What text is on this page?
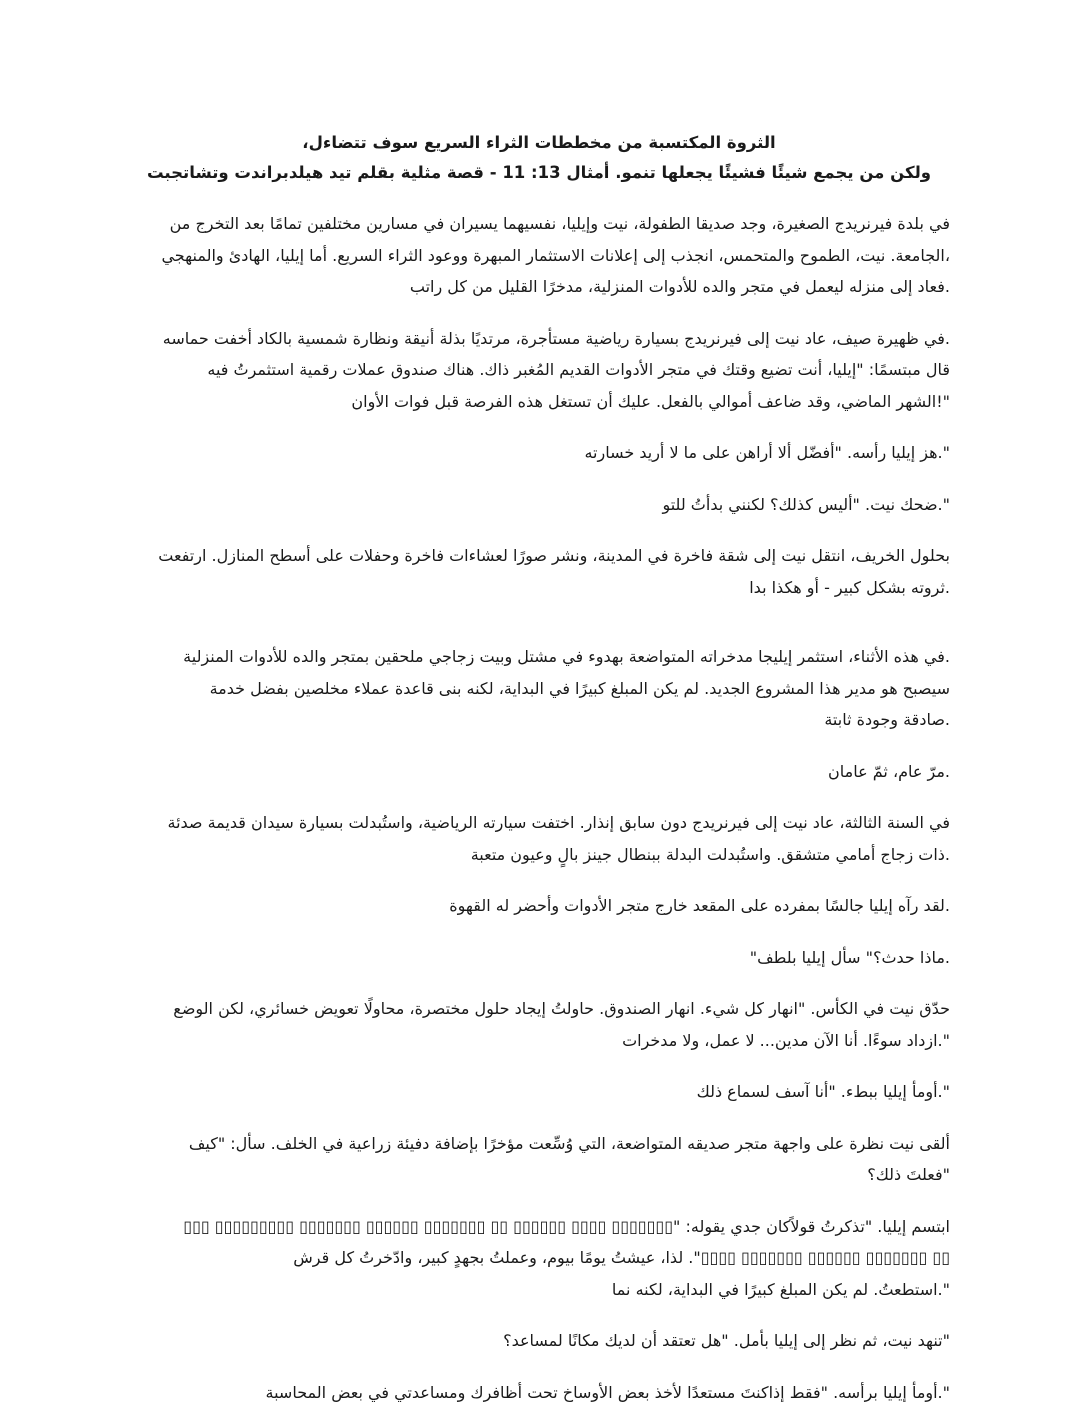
،الثروة المكتسبة من مخططات الثراء السريع سوف تتضاءل
ولكن من يجمع شيئًا فشيئًا يجعلها تنمو. أمثال 13: 11 - قصة مثلية بقلم تيد هيلدبراندت وتشاتجبت

في بلدة فيرنريدج الصغيرة، وجد صديقا الطفولة، نيت وإيليا، نفسيهما يسيران في مسارين مختلفين تمامًا بعد التخرج من
،الجامعة. نيت، الطموح والمتحمس، انجذب إلى إعلانات الاستثمار المبهرة ووعود الثراء السريع. أما إيليا، الهادئ والمنهجي
.فعاد إلى منزله ليعمل في متجر والده للأدوات المنزلية، مدخرًا القليل من كل راتب

.في ظهيرة صيف، عاد نيت إلى فيرنريدج بسيارة رياضية مستأجرة، مرتديًا بذلة أنيقة ونظارة شمسية بالكاد أخفت حماسه
قال مبتسمًا: "إيليا، أنت تضيع وقتك في متجر الأدوات القديم المُغبر ذاك. هناك صندوق عملات رقمية استثمرتُ فيه
"!الشهر الماضي، وقد ضاعف أموالي بالفعل. عليك أن تستغل هذه الفرصة قبل فوات الأوان

".هز إيليا رأسه. "أفضّل ألا أراهن على ما لا أريد خسارته

".ضحك نيت. "أليس كذلك؟ لكنني بدأتُ للتو

بحلول الخريف، انتقل نيت إلى شقة فاخرة في المدينة، ونشر صورًا لعشاءات فاخرة وحفلات على أسطح المنازل. ارتفعت
.ثروته بشكل كبير - أو هكذا بدا

.في هذه الأثناء، استثمر إيليجا مدخراته المتواضعة بهدوء في مشتل وبيت زجاجي ملحقين بمتجر والده للأدوات المنزلية
سيصبح هو مدير هذا المشروع الجديد. لم يكن المبلغ كبيرًا في البداية، لكنه بنى قاعدة عملاء مخلصين بفضل خدمة
.صادقة وجودة ثابتة

.مرّ عام، ثمّ عامان

في السنة الثالثة، عاد نيت إلى فيرنريدج دون سابق إنذار. اختفت سيارته الرياضية، واستُبدلت بسيارة سيدان قديمة صدئة
.ذات زجاج أمامي متشقق. واستُبدلت البدلة ببنطال جينز بالٍ وعيون متعبة

.لقد رآه إيليا جالسًا بمفرده على المقعد خارج متجر الأدوات وأحضر له القهوة

.ماذا حدث؟" سأل إيليا بلطف"

حدّق نيت في الكأس. "انهار كل شيء. انهار الصندوق. حاولتُ إيجاد حلول مختصرة، محاولًا تعويض خسائري، لكن الوضع
".ازداد سوءًا. أنا الآن مدين... لا عمل، ولا مدخرات

".أومأ إيليا ببطء. "أنا آسف لسماع ذلك

ألقى نيت نظرة على واجهة متجر صديقه المتواضعة، التي وُسِّعت مؤخرًا بإضافة دفيئة زراعية في الخلف. سأل: "كيف
"فعلتَ ذلك؟

ابتسم إيليا. "تذكرتُ قولاًكان جدي يقوله: "▯▯▯▯▯▯▯ ▯▯▯▯ ▯▯▯▯▯▯ ▯▯ ▯▯▯▯▯▯▯ ▯▯▯▯▯▯ ▯▯▯▯▯▯▯ ▯▯▯▯▯▯▯▯▯ ▯▯▯
▯▯ ▯▯▯▯▯▯▯ ▯▯▯▯▯▯ ▯▯▯▯▯▯▯ ▯▯▯▯". لذا، عيشتُ يومًا بيوم، وعملتُ بجهدٍ كبير، وادّخرتُ كل قرش
".استطعتُ. لم يكن المبلغ كبيرًا في البداية، لكنه نما

"تنهد نيت، ثم نظر إلى إيليا بأمل. "هل تعتقد أن لديك مكانًا لمساعد؟

".أومأ إيليا برأسه. "فقط إذاكنتَ مستعدًا لأخذ بعض الأوساخ تحت أظافرك ومساعدتي في بعض المحاسبة
